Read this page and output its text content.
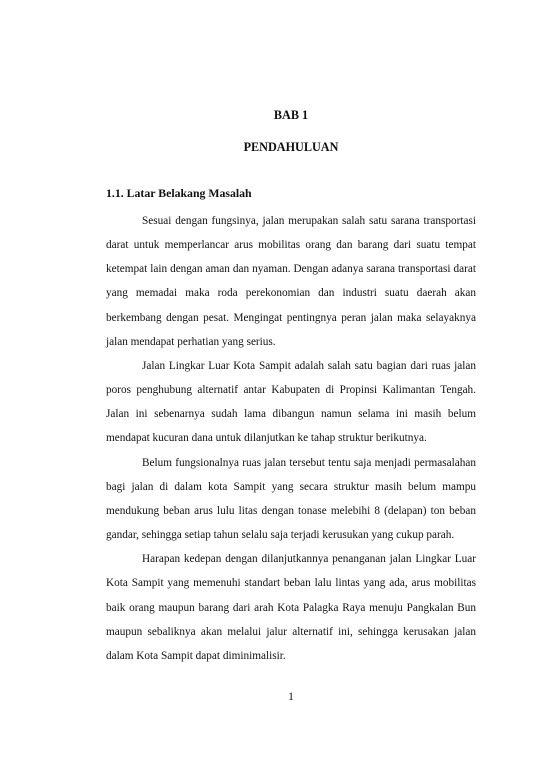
BAB 1
PENDAHULUAN
1.1. Latar Belakang Masalah

Sesuai dengan fungsinya, jalan merupakan salah satu sarana transportasi darat untuk memperlancar arus mobilitas orang dan barang dari suatu tempat ketempat lain dengan aman dan nyaman. Dengan adanya sarana transportasi darat yang memadai maka roda perekonomian dan industri suatu daerah akan berkembang dengan pesat. Mengingat pentingnya peran jalan maka selayaknya jalan mendapat perhatian yang serius.

Jalan Lingkar Luar Kota Sampit adalah salah satu bagian dari ruas jalan poros penghubung alternatif antar Kabupaten di Propinsi Kalimantan Tengah. Jalan ini sebenarnya sudah lama dibangun namun selama ini masih belum mendapat kucuran dana untuk dilanjutkan ke tahap struktur berikutnya.

Belum fungsionalnya ruas jalan tersebut tentu saja menjadi permasalahan bagi jalan di dalam kota Sampit yang secara struktur masih belum mampu mendukung beban arus lulu litas dengan tonase melebihi 8 (delapan) ton beban gandar, sehingga setiap tahun selalu saja terjadi kerusukan yang cukup parah.

Harapan kedepan dengan dilanjutkannya penanganan jalan Lingkar Luar Kota Sampit yang memenuhi standart beban lalu lintas yang ada, arus mobilitas baik orang maupun barang dari arah Kota Palagka Raya menuju Pangkalan Bun maupun sebaliknya akan melalui jalur alternatif ini, sehingga kerusakan jalan dalam Kota Sampit dapat diminimalisir.

1
